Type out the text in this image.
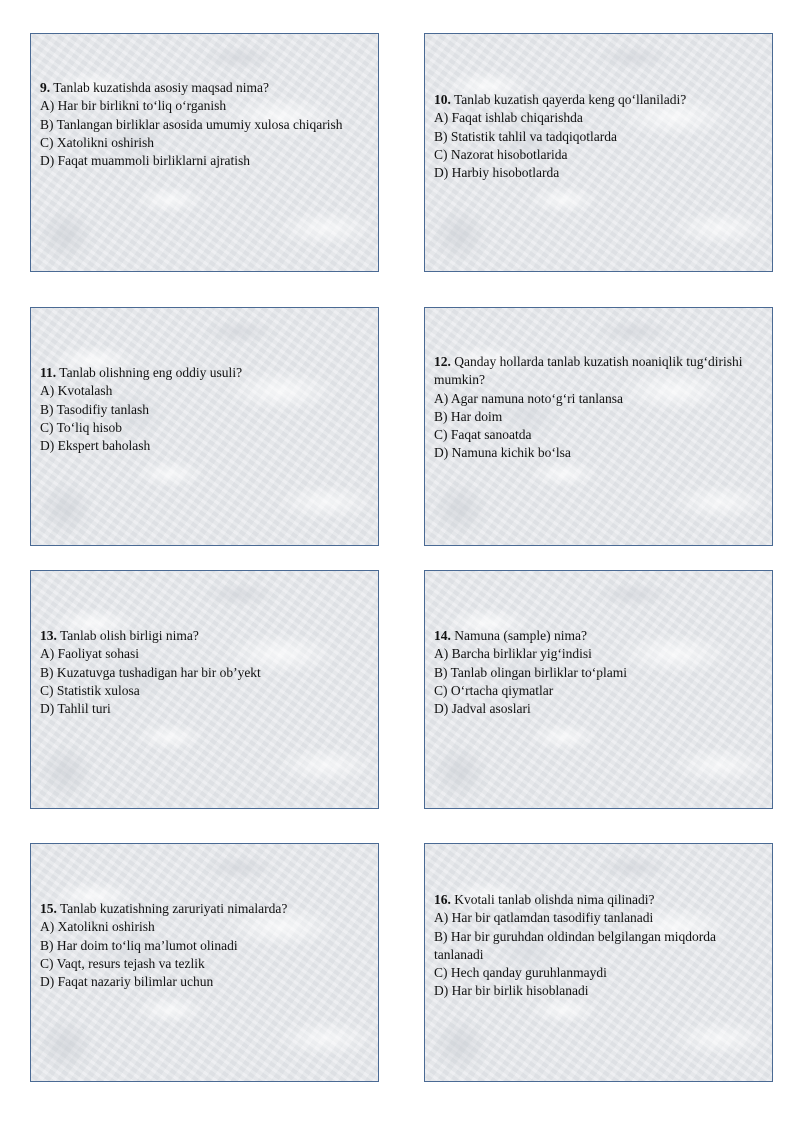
9. Tanlab kuzatishda asosiy maqsad nima?
A) Har bir birlikni to‘liq o‘rganish
B) Tanlangan birliklar asosida umumiy xulosa chiqarish
C) Xatolikni oshirish
D) Faqat muammoli birliklarni ajratish
10. Tanlab kuzatish qayerda keng qo‘llaniladi?
A) Faqat ishlab chiqarishda
B) Statistik tahlil va tadqiqotlarda
C) Nazorat hisobotlarida
D) Harbiy hisobotlarda
11. Tanlab olishning eng oddiy usuli?
A) Kvotalash
B) Tasodifiy tanlash
C) To‘liq hisob
D) Ekspert baholash
12. Qanday hollarda tanlab kuzatish noaniqlik tug‘dirishi mumkin?
A) Agar namuna noto‘g‘ri tanlansa
B) Har doim
C) Faqat sanoatda
D) Namuna kichik bo‘lsa
13. Tanlab olish birligi nima?
A) Faoliyat sohasi
B) Kuzatuvga tushadigan har bir ob’yekt
C) Statistik xulosa
D) Tahlil turi
14. Namuna (sample) nima?
A) Barcha birliklar yig‘indisi
B) Tanlab olingan birliklar to‘plami
C) O‘rtacha qiymatlar
D) Jadval asoslari
15. Tanlab kuzatishning zaruriyati nimalarda?
A) Xatolikni oshirish
B) Har doim to‘liq ma’lumot olinadi
C) Vaqt, resurs tejash va tezlik
D) Faqat nazariy bilimlar uchun
16. Kvotali tanlab olishda nima qilinadi?
A) Har bir qatlamdan tasodifiy tanlanadi
B) Har bir guruhdan oldindan belgilangan miqdorda tanlanadi
C) Hech qanday guruhlanmaydi
D) Har bir birlik hisoblanadi
